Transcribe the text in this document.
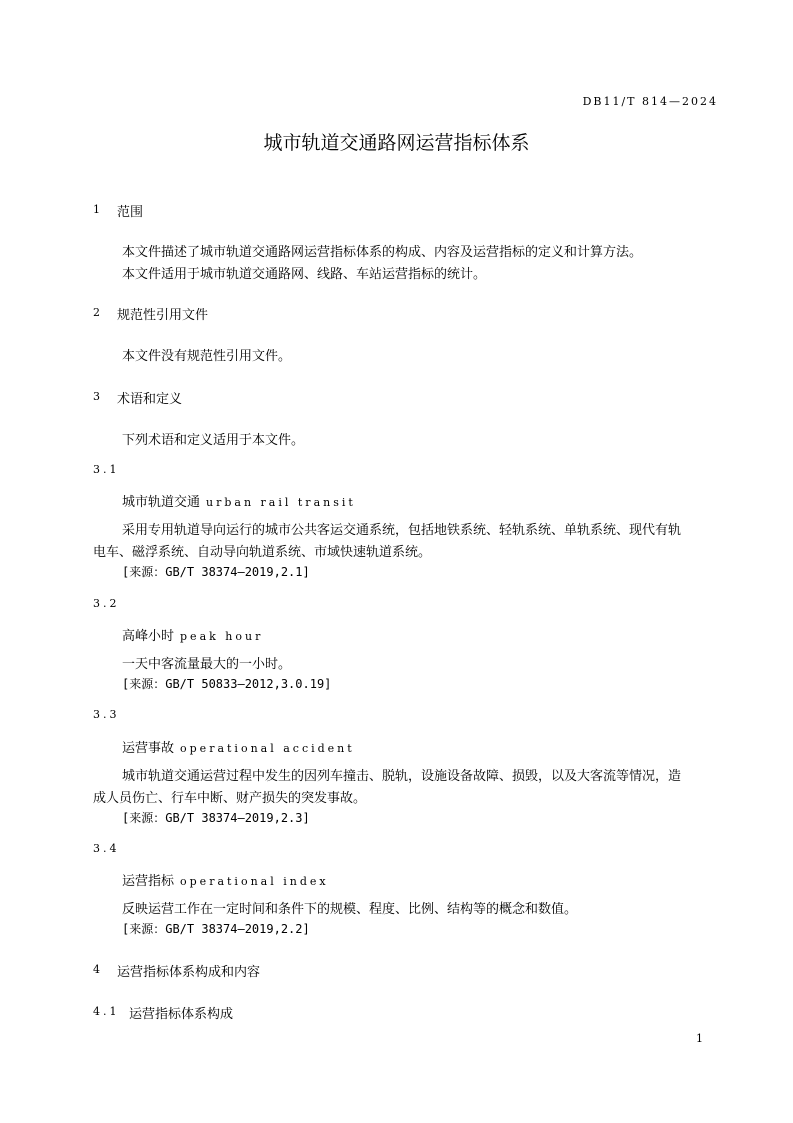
DB11/T 814—2024
城市轨道交通路网运营指标体系
1 范围
本文件描述了城市轨道交通路网运营指标体系的构成、内容及运营指标的定义和计算方法。
本文件适用于城市轨道交通路网、线路、车站运营指标的统计。
2 规范性引用文件
本文件没有规范性引用文件。
3 术语和定义
下列术语和定义适用于本文件。
3.1
城市轨道交通 urban rail transit
采用专用轨道导向运行的城市公共客运交通系统，包括地铁系统、轻轨系统、单轨系统、现代有轨
电车、磁浮系统、自动导向轨道系统、市域快速轨道系统。
[来源：GB/T 38374—2019,2.1]
3.2
高峰小时 peak hour
一天中客流量最大的一小时。
[来源：GB/T 50833—2012,3.0.19]
3.3
运营事故 operational accident
城市轨道交通运营过程中发生的因列车撞击、脱轨，设施设备故障、损毁，以及大客流等情况，造
成人员伤亡、行车中断、财产损失的突发事故。
[来源：GB/T 38374—2019,2.3]
3.4
运营指标 operational index
反映运营工作在一定时间和条件下的规模、程度、比例、结构等的概念和数值。
[来源：GB/T 38374—2019,2.2]
4 运营指标体系构成和内容
4.1 运营指标体系构成
1
